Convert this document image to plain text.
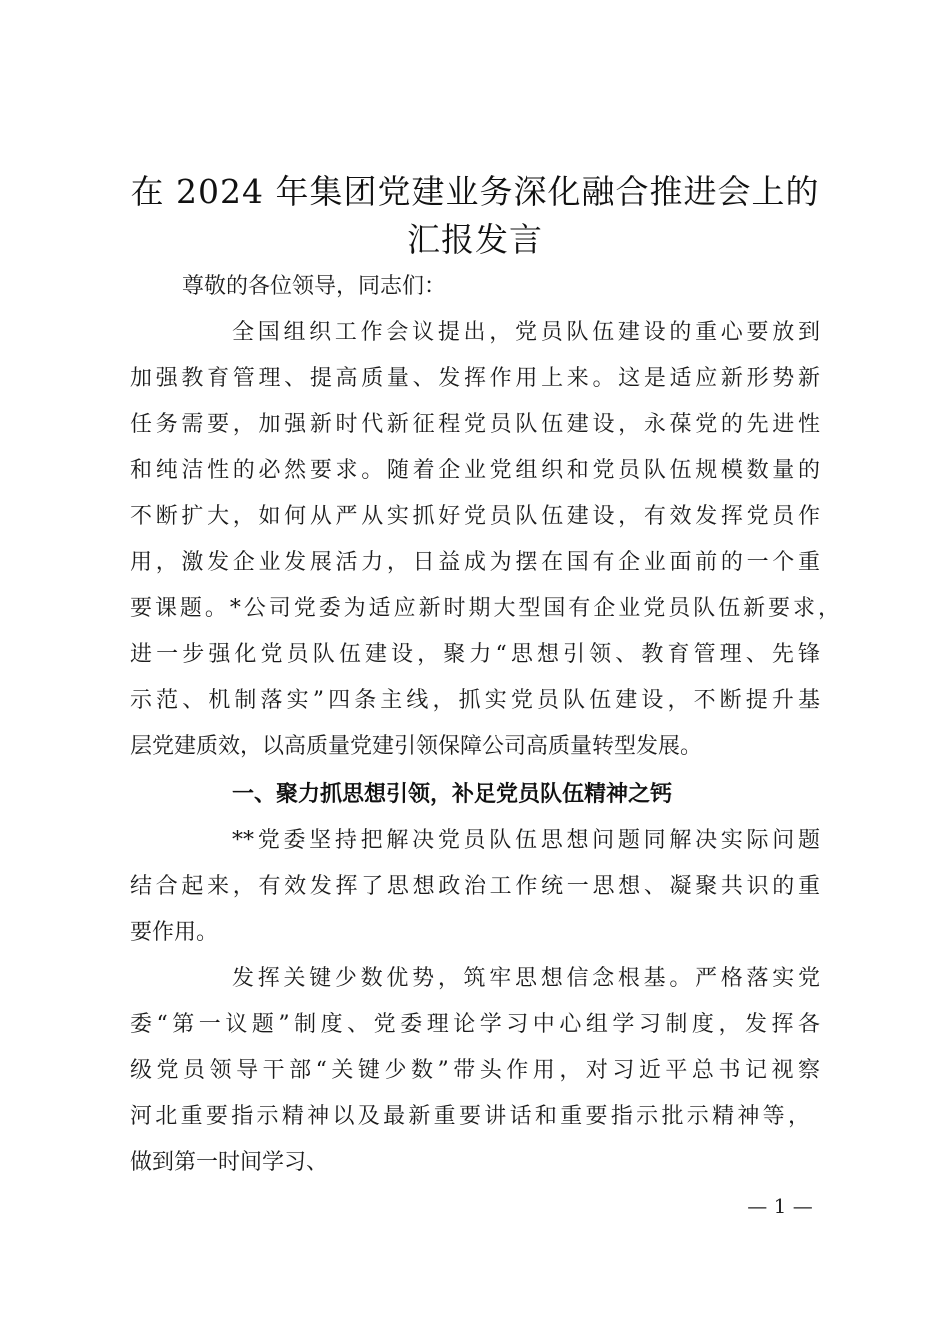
在 2024 年集团党建业务深化融合推进会上的
汇报发言
尊敬的各位领导，同志们：
全国组织工作会议提出，党员队伍建设的重心要放到
加强教育管理、提高质量、发挥作用上来。这是适应新形势新
任务需要，加强新时代新征程党员队伍建设，永葆党的先进性
和纯洁性的必然要求。随着企业党组织和党员队伍规模数量的
不断扩大，如何从严从实抓好党员队伍建设，有效发挥党员作
用，激发企业发展活力，日益成为摆在国有企业面前的一个重
要课题。*公司党委为适应新时期大型国有企业党员队伍新要求，
进一步强化党员队伍建设，聚力“思想引领、教育管理、先锋
示范、机制落实”四条主线，抓实党员队伍建设，不断提升基
层党建质效，以高质量党建引领保障公司高质量转型发展。
一、聚力抓思想引领，补足党员队伍精神之钙
**党委坚持把解决党员队伍思想问题同解决实际问题
结合起来，有效发挥了思想政治工作统一思想、凝聚共识的重
要作用。
发挥关键少数优势，筑牢思想信念根基。严格落实党
委“第一议题”制度、党委理论学习中心组学习制度，发挥各
级党员领导干部“关键少数”带头作用，对习近平总书记视察
河北重要指示精神以及最新重要讲话和重要指示批示精神等，
做到第一时间学习、
— 1 —
